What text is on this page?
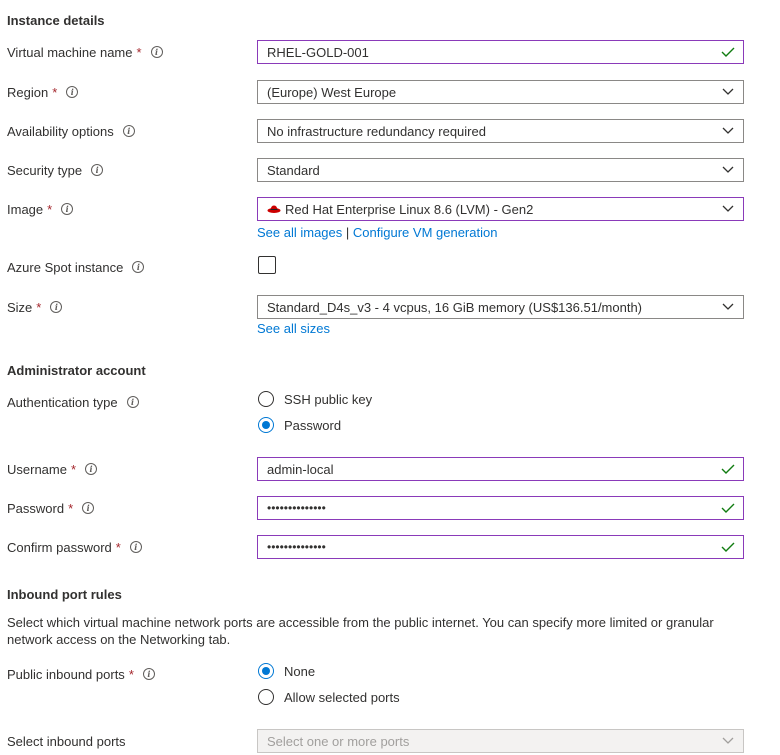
Instance details
Virtual machine name *	i	RHEL-GOLD-001
Region *	i	(Europe) West Europe
Availability options	i	No infrastructure redundancy required
Security type	i	Standard
Image *	i	Red Hat Enterprise Linux 8.6 (LVM) - Gen2
See all images | Configure VM generation
Azure Spot instance	i
Size *	i	Standard_D4s_v3 - 4 vcpus, 16 GiB memory (US$136.51/month)
See all sizes
Administrator account
Authentication type	i	SSH public key
Password
Username *	i	admin-local
Password *	i	••••••••••••••
Confirm password *	i	••••••••••••••
Inbound port rules
Select which virtual machine network ports are accessible from the public internet. You can specify more limited or granular network access on the Networking tab.
Public inbound ports *	i	None
Allow selected ports
Select inbound ports	Select one or more ports
